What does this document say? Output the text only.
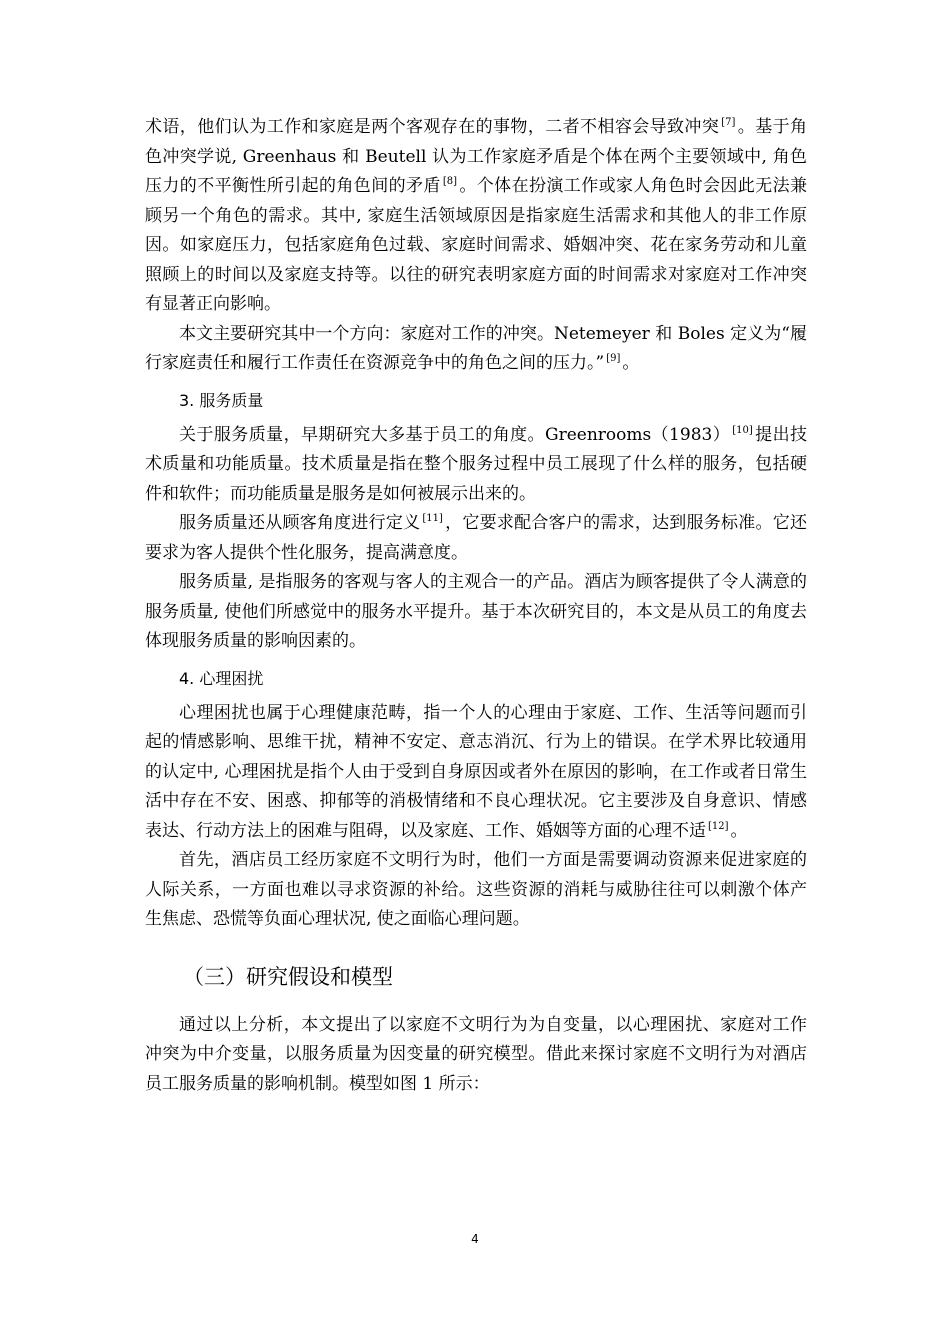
术语，他们认为工作和家庭是两个客观存在的事物，二者不相容会导致冲突 [7] 。基于角色冲突学说, Greenhaus 和 Beutell 认为工作家庭矛盾是个体在两个主要领域中, 角色压力的不平衡性所引起的角色间的矛盾 [8] 。个体在扮演工作或家人角色时会因此无法兼顾另一个角色的需求。其中, 家庭生活领域原因是指家庭生活需求和其他人的非工作原因。如家庭压力，包括家庭角色过载、家庭时间需求、婚姻冲突、花在家务劳动和儿童照顾上的时间以及家庭支持等。以往的研究表明家庭方面的时间需求对家庭对工作冲突有显著正向影响。

本文主要研究其中一个方向：家庭对工作的冲突。Netemeyer 和 Boles 定义为“履行家庭责任和履行工作责任在资源竞争中的角色之间的压力。” [9] 。

3. 服务质量

关于服务质量，早期研究大多基于员工的角度。Greenrooms（1983） [10] 提出技术质量和功能质量。技术质量是指在整个服务过程中员工展现了什么样的服务，包括硬件和软件；而功能质量是服务是如何被展示出来的。

服务质量还从顾客角度进行定义 [11] ，它要求配合客户的需求，达到服务标准。它还要求为客人提供个性化服务，提高满意度。

服务质量, 是指服务的客观与客人的主观合一的产品。酒店为顾客提供了令人满意的服务质量, 使他们所感觉中的服务水平提升。基于本次研究目的，本文是从员工的角度去体现服务质量的影响因素的。

4. 心理困扰

心理困扰也属于心理健康范畴，指一个人的心理由于家庭、工作、生活等问题而引起的情感影响、思维干扰，精神不安定、意志消沉、行为上的错误。在学术界比较通用的认定中, 心理困扰是指个人由于受到自身原因或者外在原因的影响，在工作或者日常生活中存在不安、困惑、抑郁等的消极情绪和不良心理状况。它主要涉及自身意识、情感表达、行动方法上的困难与阻碍，以及家庭、工作、婚姻等方面的心理不适 [12] 。

首先，酒店员工经历家庭不文明行为时，他们一方面是需要调动资源来促进家庭的人际关系，一方面也难以寻求资源的补给。这些资源的消耗与威胁往往可以刺激个体产生焦虑、恐慌等负面心理状况, 使之面临心理问题。

（三）研究假设和模型

通过以上分析，本文提出了以家庭不文明行为为自变量，以心理困扰、家庭对工作冲突为中介变量，以服务质量为因变量的研究模型。借此来探讨家庭不文明行为对酒店员工服务质量的影响机制。模型如图 1 所示：

4
